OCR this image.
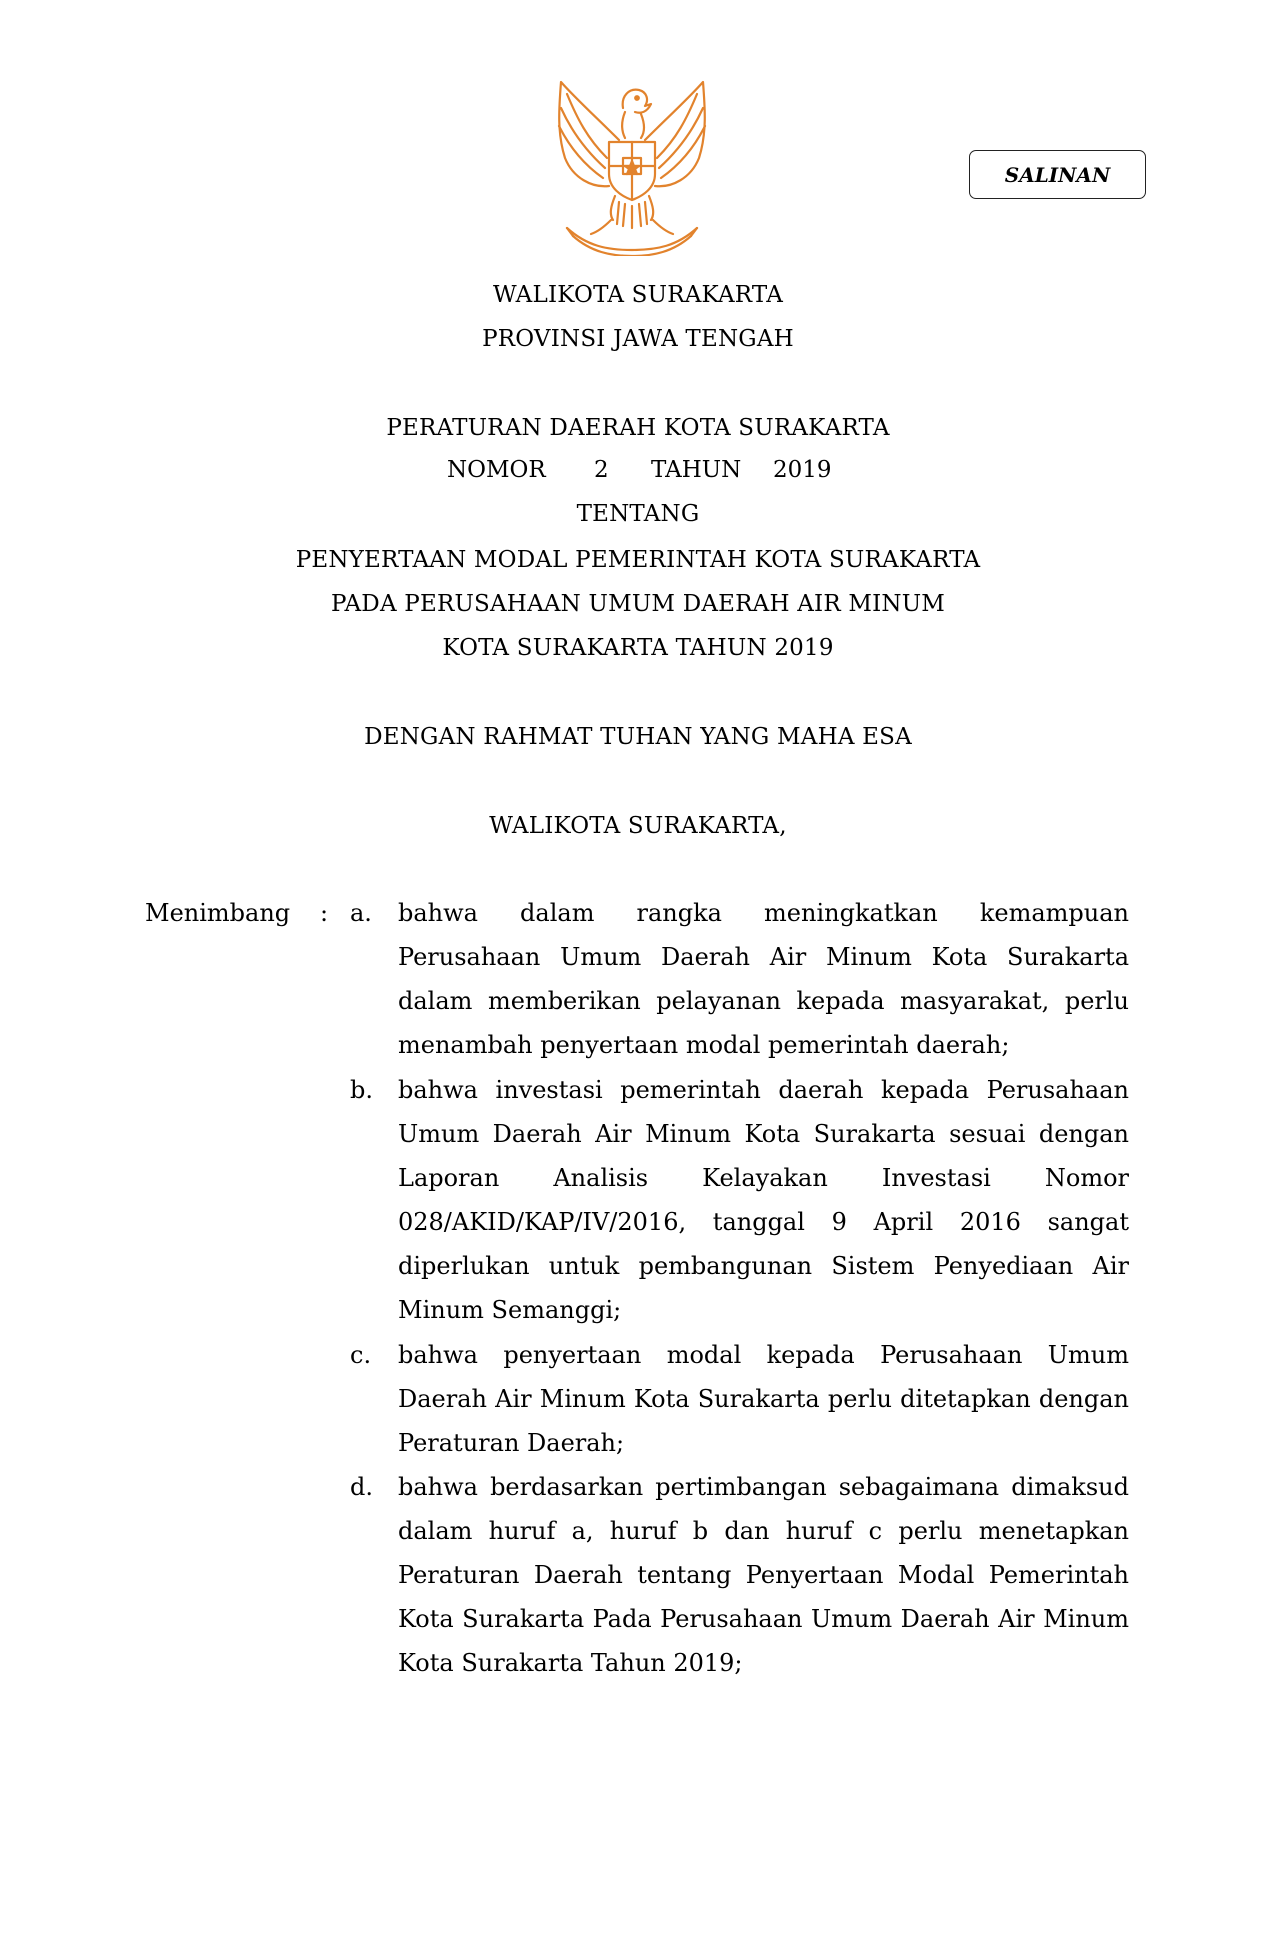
SALINAN
WALIKOTA SURAKARTA
PROVINSI JAWA TENGAH
PERATURAN DAERAH KOTA SURAKARTA
NOMOR 2 TAHUN 2019
TENTANG
PENYERTAAN MODAL PEMERINTAH KOTA SURAKARTA
PADA PERUSAHAAN UMUM DAERAH AIR MINUM
KOTA SURAKARTA TAHUN 2019
DENGAN RAHMAT TUHAN YANG MAHA ESA
WALIKOTA SURAKARTA,
Menimbang : a.	bahwa dalam rangka meningkatkan kemampuan Perusahaan Umum Daerah Air Minum Kota Surakarta dalam memberikan pelayanan kepada masyarakat, perlu menambah penyertaan modal pemerintah daerah;
b.	bahwa investasi pemerintah daerah kepada Perusahaan Umum Daerah Air Minum Kota Surakarta sesuai dengan Laporan Analisis Kelayakan Investasi Nomor 028/AKID/KAP/IV/2016, tanggal 9 April 2016 sangat diperlukan untuk pembangunan Sistem Penyediaan Air Minum Semanggi;
c.	bahwa penyertaan modal kepada Perusahaan Umum Daerah Air Minum Kota Surakarta perlu ditetapkan dengan Peraturan Daerah;
d.	bahwa berdasarkan pertimbangan sebagaimana dimaksud dalam huruf a, huruf b dan huruf c perlu menetapkan Peraturan Daerah tentang Penyertaan Modal Pemerintah Kota Surakarta Pada Perusahaan Umum Daerah Air Minum Kota Surakarta Tahun 2019;
